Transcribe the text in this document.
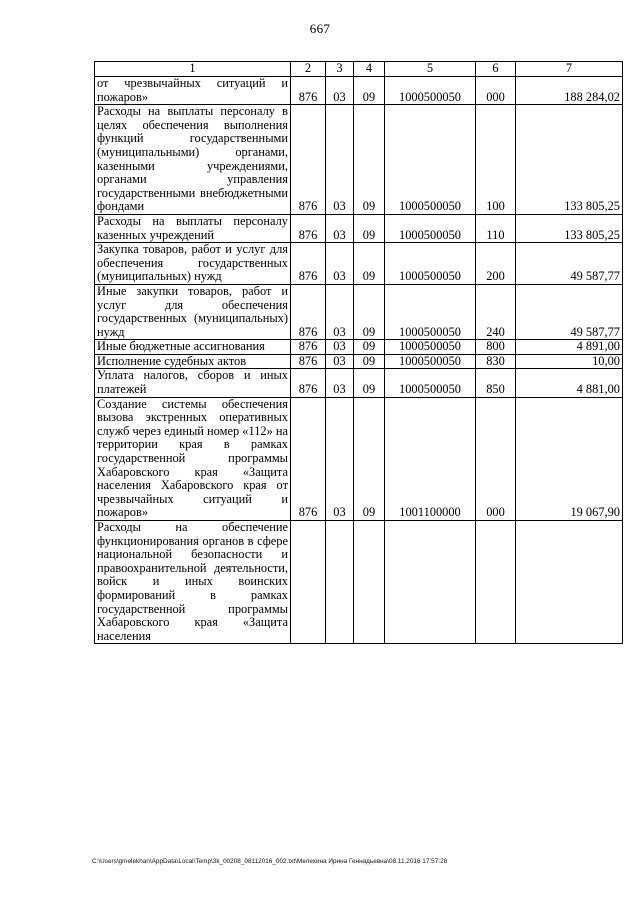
667
1	2	3	4	5	6	7
от чрезвычайных ситуаций и пожаров»	876	03	09	1000500050	000	188 284,02
Расходы на выплаты персоналу в целях обеспечения выполнения функций государственными (муниципальными) органами, казенными учреждениями, органами управления государственными внебюджетными фондами	876	03	09	1000500050	100	133 805,25
Расходы на выплаты персоналу казенных учреждений	876	03	09	1000500050	110	133 805,25
Закупка товаров, работ и услуг для обеспечения государственных (муниципальных) нужд	876	03	09	1000500050	200	49 587,77
Иные закупки товаров, работ и услуг для обеспечения государственных (муниципальных) нужд	876	03	09	1000500050	240	49 587,77
Иные бюджетные ассигнования	876	03	09	1000500050	800	4 891,00
Исполнение судебных актов	876	03	09	1000500050	830	10,00
Уплата налогов, сборов и иных платежей	876	03	09	1000500050	850	4 881,00
Создание системы обеспечения вызова экстренных оперативных служб через единый номер «112» на территории края в рамках государственной программы Хабаровского края «Защита населения Хабаровского края от чрезвычайных ситуаций и пожаров»	876	03	09	1001100000	000	19 067,90
Расходы на обеспечение функционирования органов в сфере национальной безопасности и правоохранительной деятельности, войск и иных воинских формирований в рамках государственной программы Хабаровского края «Защита населения						
C:\Users\gmelekhan\AppData\Local\Temp\3k_00208_08112016_002.txt\Мелехина Ирина Геннадьевна\08.11.2016 17:57:28
